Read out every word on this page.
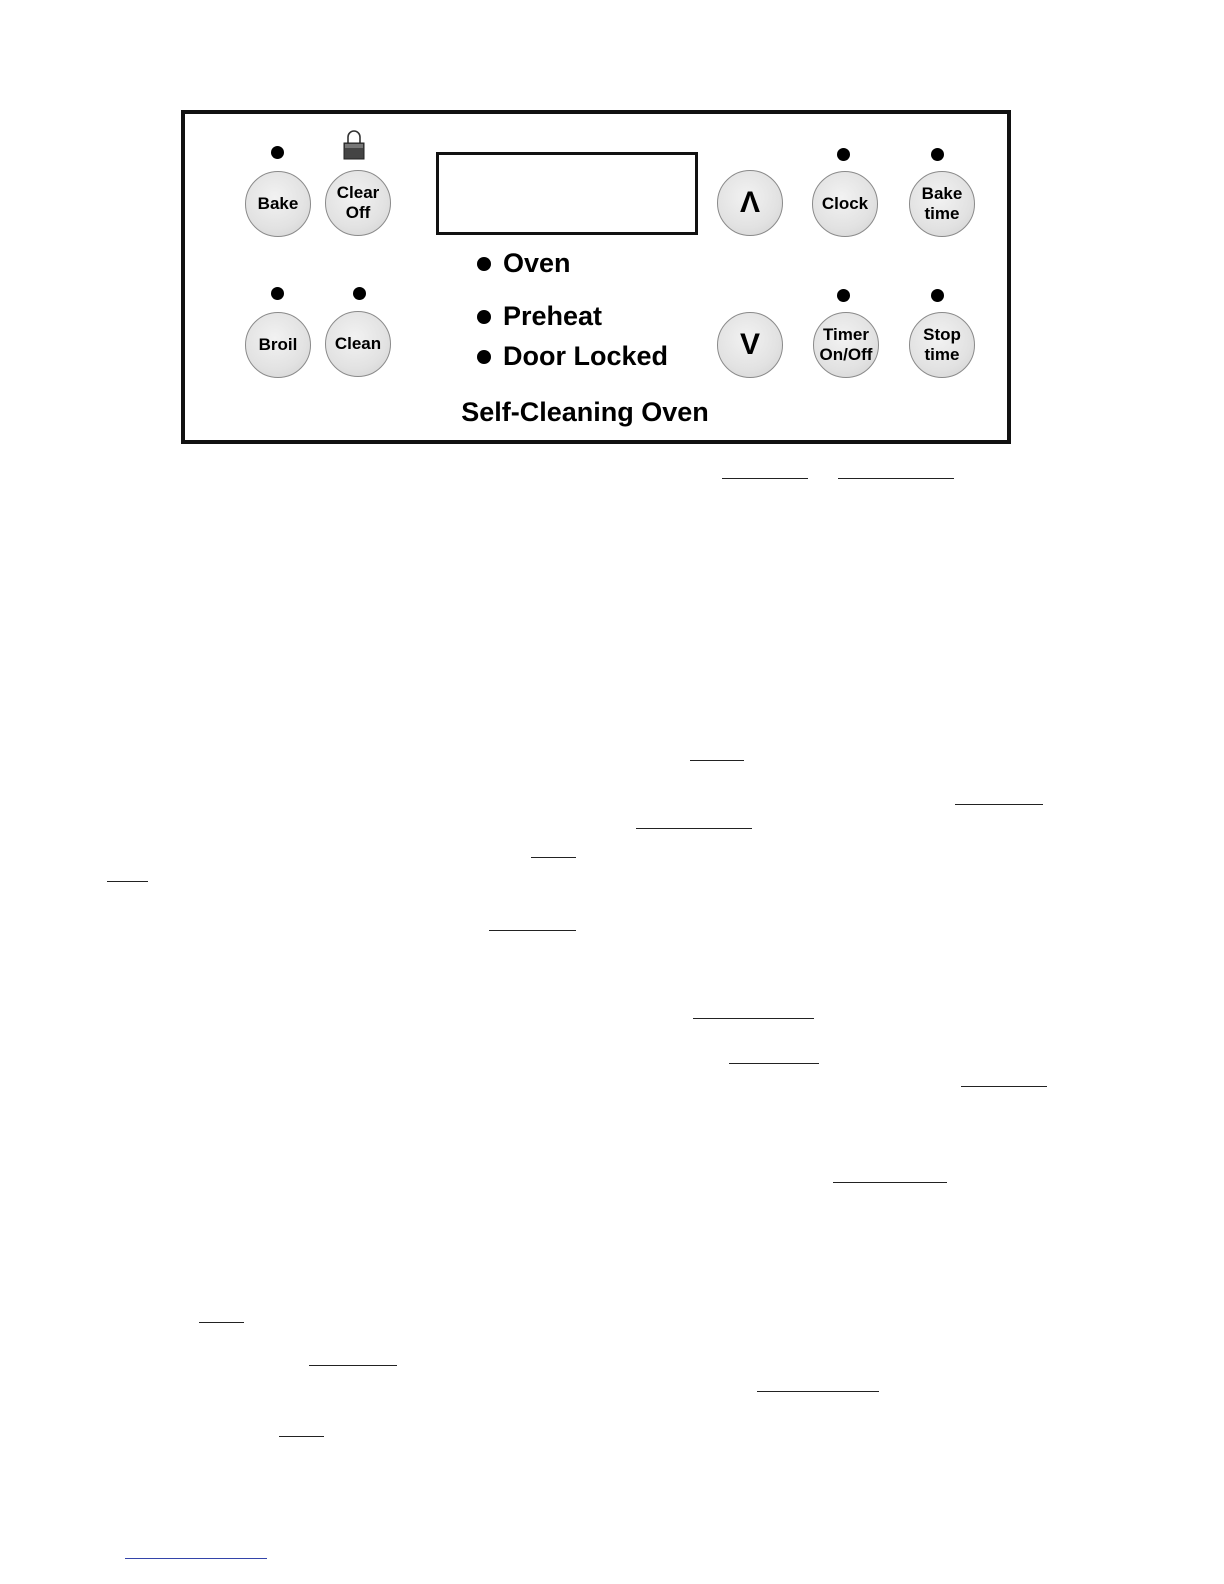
Bake
Clear
Off
Broil	Clean
Oven
Preheat
Door Locked
Λ
V
Clock
Bake
time
Timer
On/Off
Stop
time
Self-Cleaning Oven
